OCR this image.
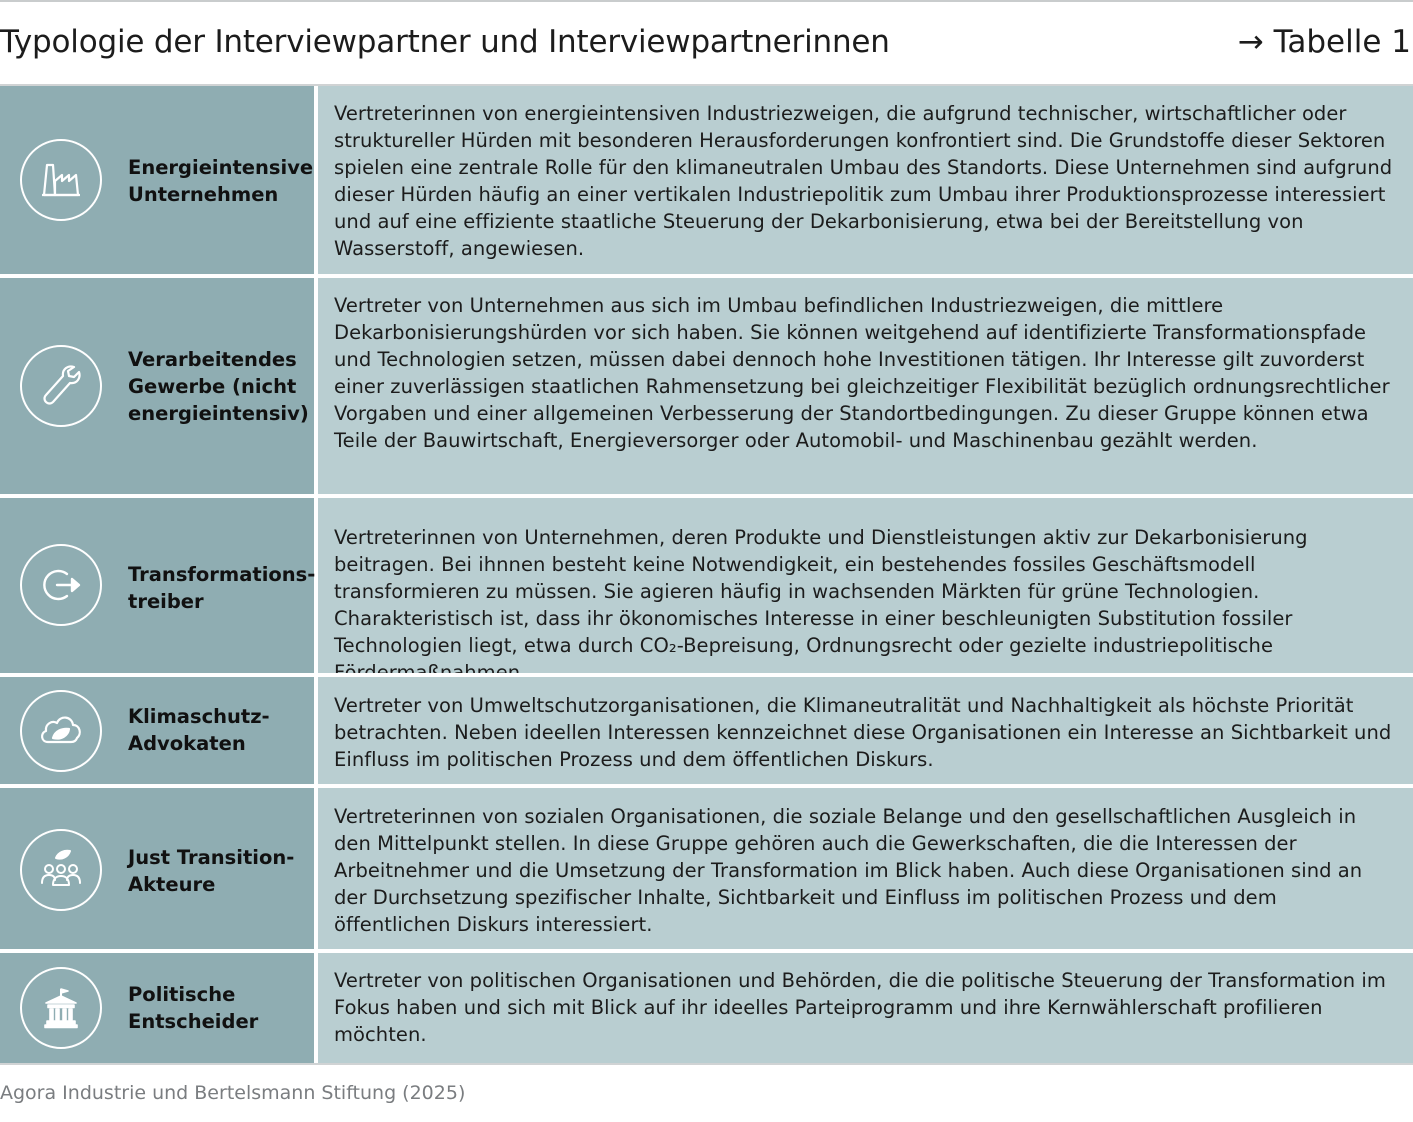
Typologie der Interviewpartner und Interviewpartnerinnen	→ Tabelle 1
Energieintensive Unternehmen
Vertreterinnen von energieintensiven Industriezweigen, die aufgrund technischer, wirtschaftlicher oder struktureller Hürden mit besonderen Herausforderungen konfrontiert sind. Die Grundstoffe dieser Sektoren spielen eine zentrale Rolle für den klimaneutralen Umbau des Standorts. Diese Unternehmen sind aufgrund dieser Hürden häufig an einer vertikalen Industriepolitik zum Umbau ihrer Produktionsprozesse interessiert und auf eine effiziente staatliche Steuerung der Dekarbonisierung, etwa bei der Bereitstellung von Wasserstoff, angewiesen.
Verarbeitendes Gewerbe (nicht energieintensiv)
Vertreter von Unternehmen aus sich im Umbau befindlichen Industriezweigen, die mittlere Dekarbonisierungshürden vor sich haben. Sie können weitgehend auf identifizierte Transformationspfade und Technologien setzen, müssen dabei dennoch hohe Investitionen tätigen. Ihr Interesse gilt zuvorderst einer zuverlässigen staatlichen Rahmensetzung bei gleichzeitiger Flexibilität bezüglich ordnungsrechtlicher Vorgaben und einer allgemeinen Verbesserung der Standortbedingungen. Zu dieser Gruppe können etwa Teile der Bauwirtschaft, Energieversorger oder Automobil- und Maschinenbau gezählt werden.
Transformations-treiber
Vertreterinnen von Unternehmen, deren Produkte und Dienstleistungen aktiv zur Dekarbonisierung beitragen. Bei ihnnen besteht keine Notwendigkeit, ein bestehendes fossiles Geschäftsmodell transformieren zu müssen. Sie agieren häufig in wachsenden Märkten für grüne Technologien. Charakteristisch ist, dass ihr ökonomisches Interesse in einer beschleunigten Substitution fossiler Technologien liegt, etwa durch CO₂-Bepreisung, Ordnungsrecht oder gezielte industriepolitische
Klimaschutz-Advokaten
Vertreter von Umweltschutzorganisationen, die Klimaneutralität und Nachhaltigkeit als höchste Priorität betrachten. Neben ideellen Interessen kennzeichnet diese Organisationen ein Interesse an Sichtbarkeit und Einfluss im politischen Prozess und dem öffentlichen Diskurs.
Just Transition-Akteure
Vertreterinnen von sozialen Organisationen, die soziale Belange und den gesellschaftlichen Ausgleich in den Mittelpunkt stellen. In diese Gruppe gehören auch die Gewerkschaften, die die Interessen der Arbeitnehmer und die Umsetzung der Transformation im Blick haben. Auch diese Organisationen sind an der Durchsetzung spezifischer Inhalte, Sichtbarkeit und Einfluss im politischen Prozess und dem öffentlichen Diskurs interessiert.
Politische Entscheider
Vertreter von politischen Organisationen und Behörden, die die politische Steuerung der Transformation im Fokus haben und sich mit Blick auf ihr ideelles Parteiprogramm und ihre Kernwählerschaft profilieren möchten.
Agora Industrie und Bertelsmann Stiftung (2025)
